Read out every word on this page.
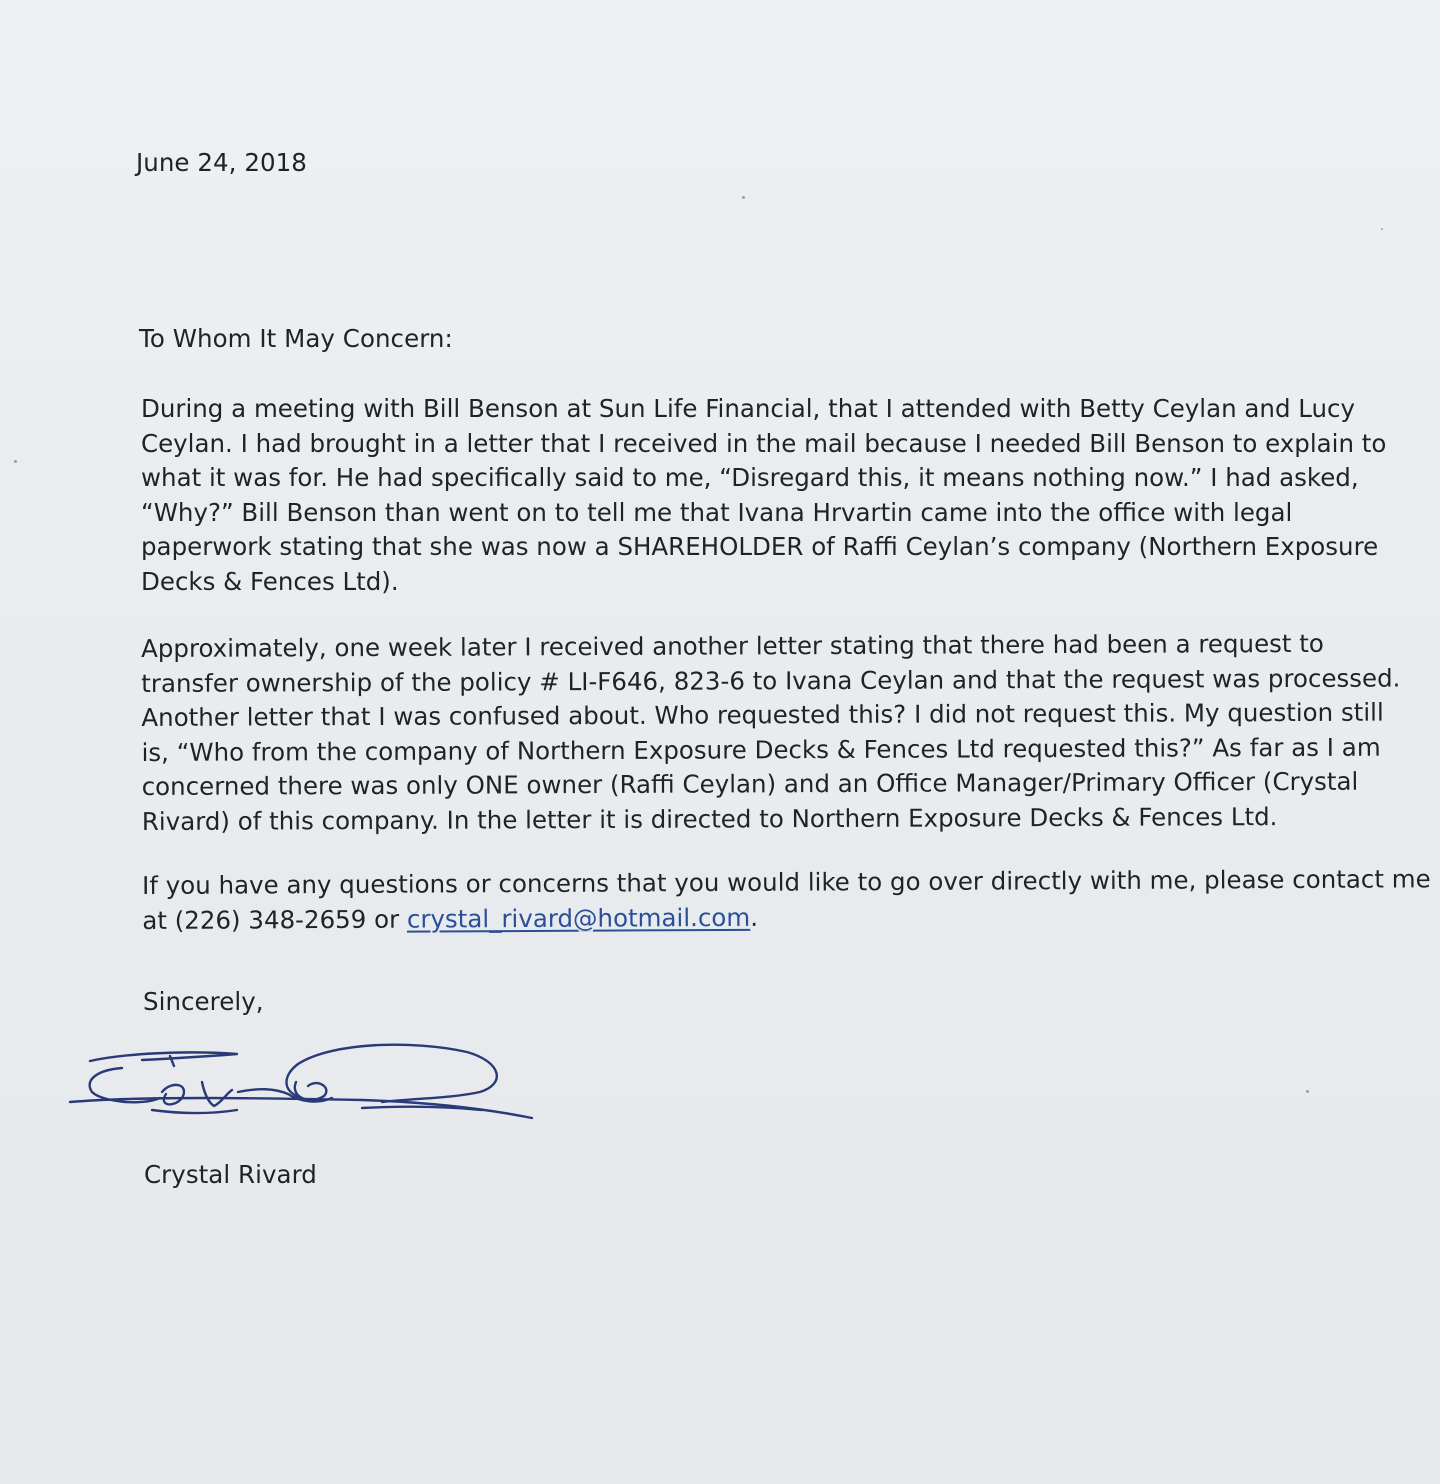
June 24, 2018
To Whom It May Concern:
During a meeting with Bill Benson at Sun Life Financial, that I attended with Betty Ceylan and Lucy
Ceylan. I had brought in a letter that I received in the mail because I needed Bill Benson to explain to
what it was for. He had specifically said to me, “Disregard this, it means nothing now.” I had asked,
“Why?” Bill Benson than went on to tell me that Ivana Hrvartin came into the office with legal
paperwork stating that she was now a SHAREHOLDER of Raffi Ceylan’s company (Northern Exposure
Decks & Fences Ltd).
Approximately, one week later I received another letter stating that there had been a request to
transfer ownership of the policy # LI-F646, 823-6 to Ivana Ceylan and that the request was processed.
Another letter that I was confused about. Who requested this? I did not request this. My question still
is, “Who from the company of Northern Exposure Decks & Fences Ltd requested this?” As far as I am
concerned there was only ONE owner (Raffi Ceylan) and an Office Manager/Primary Officer (Crystal
Rivard) of this company. In the letter it is directed to Northern Exposure Decks & Fences Ltd.
If you have any questions or concerns that you would like to go over directly with me, please contact me
at (226) 348-2659 or crystal_rivard@hotmail.com.
Sincerely,
Crystal Rivard
